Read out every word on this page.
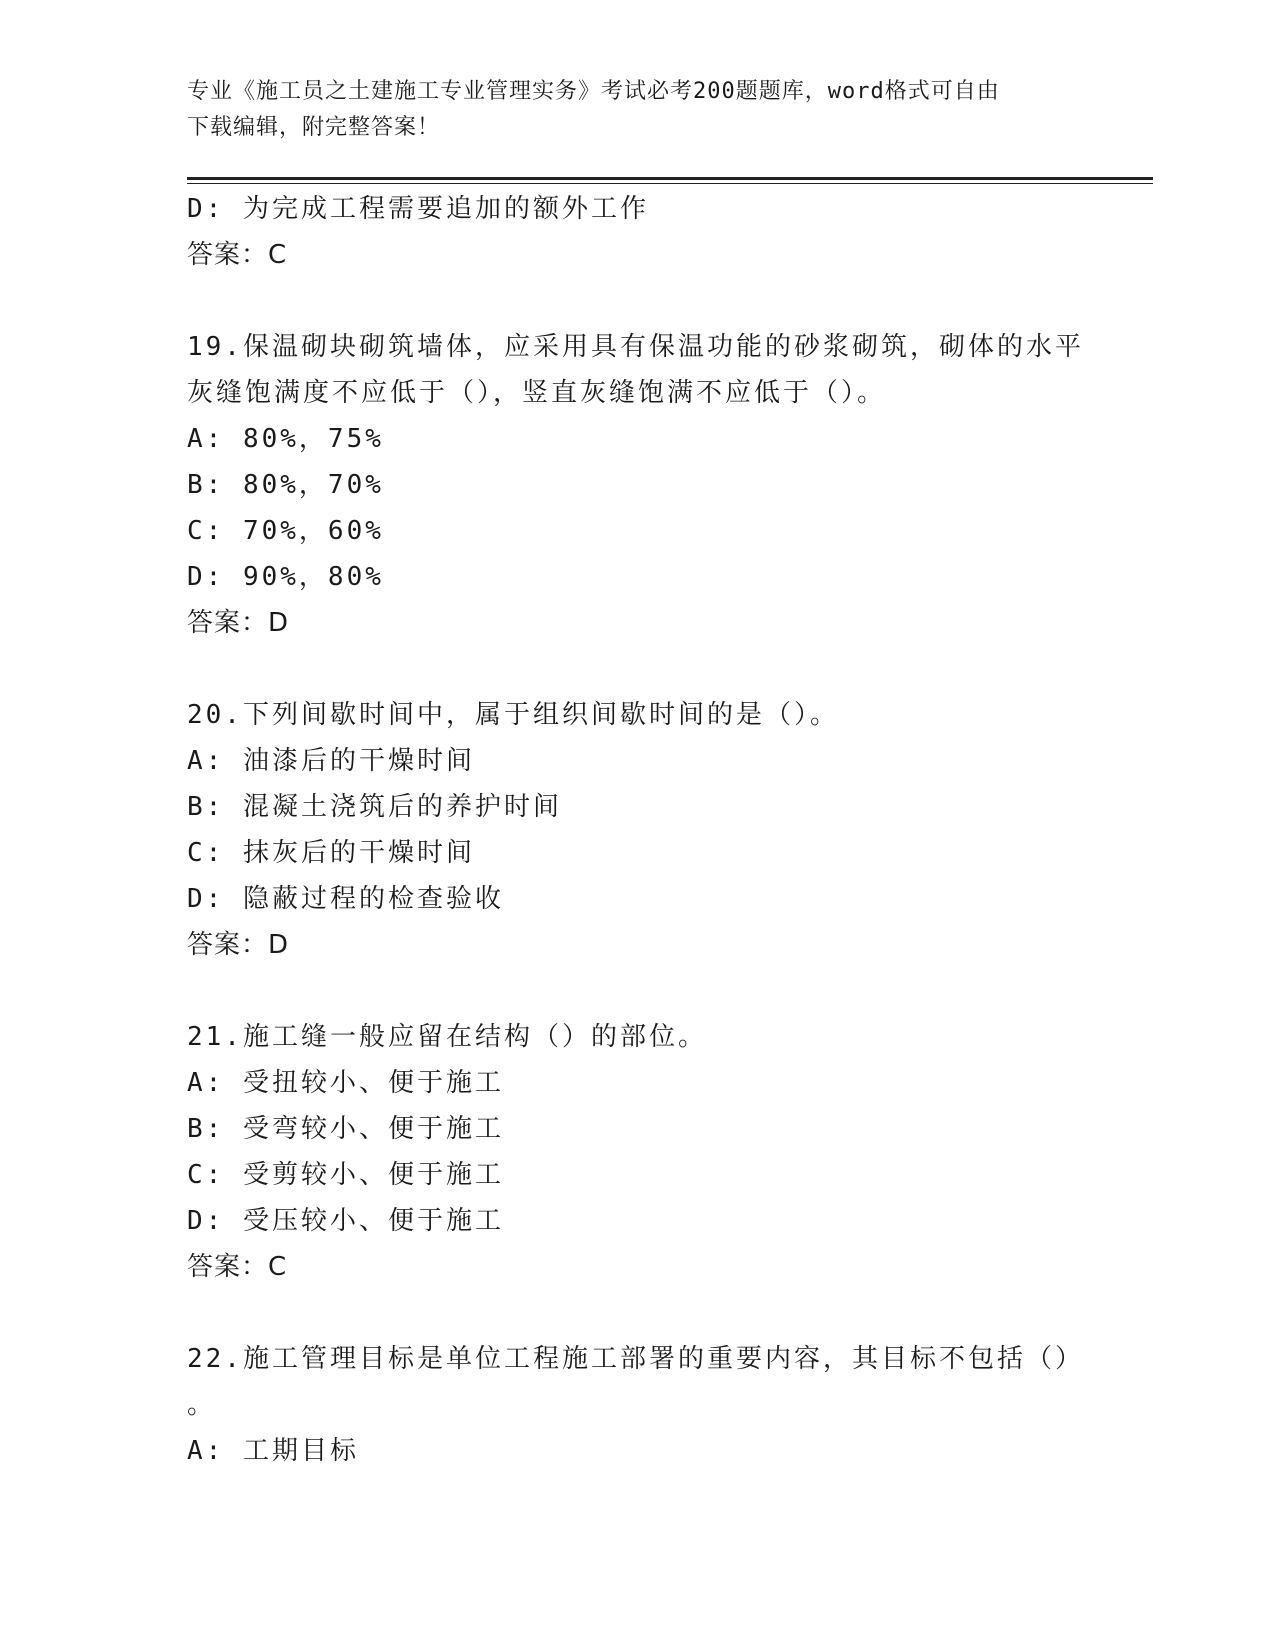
专业《施工员之土建施工专业管理实务》考试必考200题题库，word格式可自由
下载编辑，附完整答案！
D: 为完成工程需要追加的额外工作
答案：C
19.保温砌块砌筑墙体，应采用具有保温功能的砂浆砌筑，砌体的水平
灰缝饱满度不应低于（），竖直灰缝饱满不应低于（）。
A: 80%，75%
B: 80%，70%
C: 70%，60%
D: 90%，80%
答案：D
20.下列间歇时间中，属于组织间歇时间的是（）。
A: 油漆后的干燥时间
B: 混凝土浇筑后的养护时间
C: 抹灰后的干燥时间
D: 隐蔽过程的检查验收
答案：D
21.施工缝一般应留在结构（）的部位。
A: 受扭较小、便于施工
B: 受弯较小、便于施工
C: 受剪较小、便于施工
D: 受压较小、便于施工
答案：C
22.施工管理目标是单位工程施工部署的重要内容，其目标不包括（）
。
A: 工期目标
